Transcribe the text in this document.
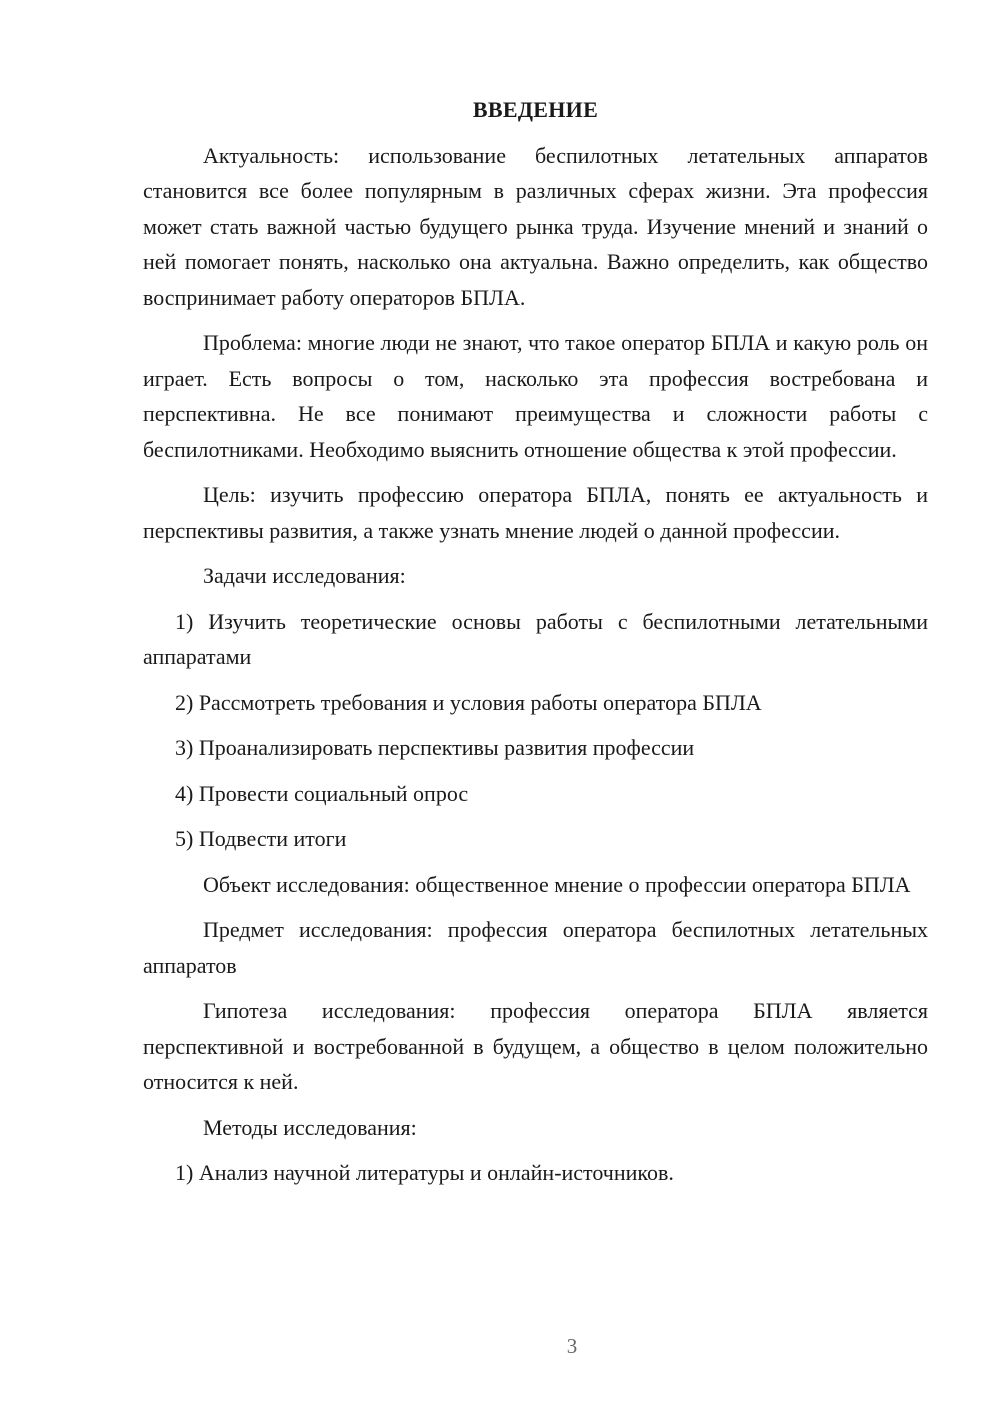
ВВЕДЕНИЕ

Актуальность: использование беспилотных летательных аппаратов становится все более популярным в различных сферах жизни. Эта профессия может стать важной частью будущего рынка труда. Изучение мнений и знаний о ней помогает понять, насколько она актуальна. Важно определить, как общество воспринимает работу операторов БПЛА.

Проблема: многие люди не знают, что такое оператор БПЛА и какую роль он играет. Есть вопросы о том, насколько эта профессия востребована и перспективна. Не все понимают преимущества и сложности работы с беспилотниками. Необходимо выяснить отношение общества к этой профессии.

Цель: изучить профессию оператора БПЛА, понять ее актуальность и перспективы развития, а также узнать мнение людей о данной профессии.

Задачи исследования:

1) Изучить теоретические основы работы с беспилотными летательными аппаратами

2) Рассмотреть требования и условия работы оператора БПЛА

3) Проанализировать перспективы развития профессии

4) Провести социальный опрос

5) Подвести итоги

Объект исследования: общественное мнение о профессии оператора БПЛА

Предмет исследования: профессия оператора беспилотных летательных аппаратов

Гипотеза исследования: профессия оператора БПЛА является перспективной и востребованной в будущем, а общество в целом положительно относится к ней.

Методы исследования:

1) Анализ научной литературы и онлайн-источников.

3
